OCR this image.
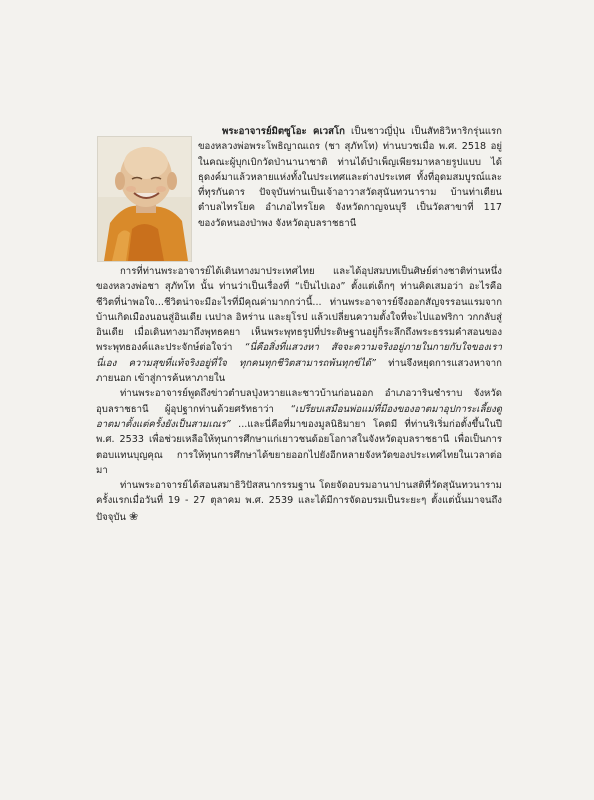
พระอาจารย์มิตซูโอะ คเวสโก เป็นชาวญี่ปุ่น เป็นสัทธิวิหาริกรุ่นแรกของหลวงพ่อพระโพธิญาณเถร (ชา สุภัทโท) ท่านบวชเมื่อ พ.ศ. 2518 อยู่ในคณะผู้บุกเบิกวัดป่านานาชาติ ท่านได้บำเพ็ญเพียรมาหลายรูปแบบ ได้ธุดงค์มาแล้วหลายแห่งทั้งในประเทศและต่างประเทศ ทั้งที่อุดมสมบูรณ์และที่ทุรกันดาร ปัจจุบันท่านเป็นเจ้าอาวาสวัดสุนันทวนาราม บ้านท่าเตียน ตำบลไทรโยค อำเภอไทรโยค จังหวัดกาญจนบุรี เป็นวัดสาขาที่ 117 ของวัดหนองป่าพง จังหวัดอุบลราชธานี

การที่ท่านพระอาจารย์ได้เดินทางมาประเทศไทย และได้อุปสมบทเป็นศิษย์ต่างชาติท่านหนึ่งของหลวงพ่อชา สุภัทโท นั้น ท่านว่าเป็นเรื่องที่ “เป็นไปเอง” ตั้งแต่เด็กๆ ท่านคิดเสมอว่า อะไรคือชีวิตที่น่าพอใจ...ชีวิตน่าจะมีอะไรที่มีคุณค่ามากกว่านี้... ท่านพระอาจารย์จึงออกสัญจรรอนแรมจากบ้านเกิดเมืองนอนสู่อินเดีย เนปาล อิหร่าน และยุโรป แล้วเปลี่ยนความตั้งใจที่จะไปแอฟริกา วกกลับสู่อินเดีย เมื่อเดินทางมาถึงพุทธคยา เห็นพระพุทธรูปที่ประดิษฐานอยู่ก็ระลึกถึงพระธรรมคำสอนของพระพุทธองค์และประจักษ์ต่อใจว่า “นี่คือสิ่งที่แสวงหา สัจจะความจริงอยู่ภายในกายกับใจของเรานี่เอง ความสุขที่แท้จริงอยู่ที่ใจ ทุกคนทุกชีวิตสามารถพ้นทุกข์ได้” ท่านจึงหยุดการแสวงหาจากภายนอก เข้าสู่การค้นหาภายใน

ท่านพระอาจารย์พูดถึงข่าวตำบลปุ่งหวายและชาวบ้านก่อนออก อำเภอวารินชำราบ จังหวัดอุบลราชธานี ผู้อุปฐากท่านด้วยศรัทธาว่า “เปรียบเสมือนพ่อแม่ที่มีองของอาตมาอุปการะเลี้ยงดูอาตมาตั้งแต่ครั้งยังเป็นสามเณร” ...และนี่คือที่มาของมูลนิธิมายา โคตมี ที่ท่านริเริ่มก่อตั้งขึ้นในปี พ.ศ. 2533 เพื่อช่วยเหลือให้ทุนการศึกษาแก่เยาวชนด้อยโอกาสในจังหวัดอุบลราชธานี เพื่อเป็นการตอบแทนบุญคุณ การให้ทุนการศึกษาได้ขยายออกไปยังอีกหลายจังหวัดของประเทศไทยในเวลาต่อมา

ท่านพระอาจารย์ได้สอนสมาธิวิปัสสนากรรมฐาน โดยจัดอบรมอานาปานสติที่วัดสุนันทวนาราม ครั้งแรกเมื่อวันที่ 19 - 27 ตุลาคม พ.ศ. 2539 และได้มีการจัดอบรมเป็นระยะๆ ตั้งแต่นั้นมาจนถึงปัจจุบัน ❀
